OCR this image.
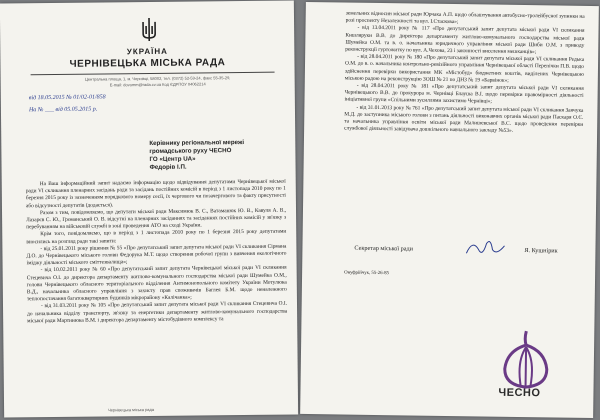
УКРАЇНА
ЧЕРНІВЕЦЬКА МІСЬКА РАДА
Центральна площа, 1, м. Чернівці, 58002, тел. (0372) 52-59-24, факс 55-35-29,
E-mail: dovomm@rada.cv.ua Код ЄДРПОУ 04062214
від 18.05.2015 № 01/02-01/858
На № ___ від 05.05.2015 р.
Керівнику регіональної мережі
громадського руху ЧЕСНО
ГО «Центр UA»
Федорів І.П.

На Ваш інформаційний запит надаємо інформацію щодо відвідування депутатами Чернівецької міської ради VI скликання пленарних засідань ради та засідань постійних комісій в період з 1 листопада 2010 року по 1 березня 2015 року із зазначенням порядкового номеру сесії, їх чергового чи позачергового та факту присутності або відсутності депутатів (додається).

Разом з тим, повідомляємо, що депутати міської ради Максимюк В. С., Ватаманюк Ю. В., Кавуля А. В., Лазарєв С. Ю., Громанський О. В. відсутні на пленарних засіданнях та засіданнях постійних комісій у зв'язку з перебуванням на військовій службі в зоні проведення АТО на сході України.

Крім того, повідомляємо, що в період з 1 листопада 2010 року по 1 березня 2015 року депутатами вносились на розгляд ради такі запити:

- від 25.01.2011 року рішення № 55 «Про депутатський запит депутата міської ради VI скликання Сірмана Д.О. до Чернівецького міського голови Федорука М.Т. щодо створення робочої групи з вивчення екологічного іміджу діяльності міського сміттезвалища»;

- від 10.02.2011 року № 60 «Про депутатський запит депутата Чернівецької міської ради VI скликання Стецевича О.І. до директора департаменту житлово-комунального господарства міської ради Шумейка О.М., голови Чернівецького обласного територіального відділення Антимонопольного комітету України Мотулюка В.Д., начальника обласного управління з захисту прав споживачів Баглея Б.М. щодо неналежного теплопостачання багатоквартирних будинків мікрорайону «Калічанка»;

- від 31.03.2011 року № 105 «Про депутатський запит депутата міської ради VI скликання Стецевича О.І. до начальника відділу транспорту, зв'язку та енергетики департаменту житлово-комунального господарства міської ради Мартинюка В.М. і директора департаменту містобудівного комплексу та

Чернівецька міська рада

земельних відносин міської ради Юрчака А.П. щодо облаштування автобусно-тролейбусної зупинки на розі проспекту Незалежності та вул. І.Стаскова»;

- від 13.04.2011 року № 117 «Про депутатський запит депутата міської ради VI скликання Кишляруки В.В. до директора департаменту житлово-комунального господарства міської ради Шумейка О.М. та в. о. начальника юридичного управління міської ради Шиби О.М. з приводу реконструкції гуртожитку по вул. А.Чехова, 23 і законності виселення мешканців»;

- від 28.04.2011 року № 180 «Про депутатський запит депутата міської ради VI скликання Редька О.М. до в. о. начальника контрольно-ревізійного управління Чернівецької області Перепічки П.В. щодо здійснення перевірки використання МК «Містобуд» бюджетних коштів, виділених Чернівецькою міською радою на реконструкцію ЗОШ № 21 по ДНЗ № 19 «Барвінок»;

- від 28.04.2011 року № 181 «Про депутатський запит депутата міської ради VI скликання Чернівецького В.В. до прокурора м. Чернівці Блауша В.І. щодо перевірки правомірності діяльності ініціативної групи «Спільними зусиллями захистимо Чернівці»;

- від 31.01.2013 року № 761 «Про депутатський запит депутата міської ради VI скликання Заячука М.Д. до заступника міського голови з питань діяльності виконавчих органів міської ради Паскаря О.Є. та начальника управління освіти міської ради Малишевської В.С. щодо проведення перевірки службової діяльності завідувача дошкільного навчального закладу №53».

Секретар міської ради	Я. Кушнірик
Онуфрійчук, 55-26-85
ЧЕСНО
